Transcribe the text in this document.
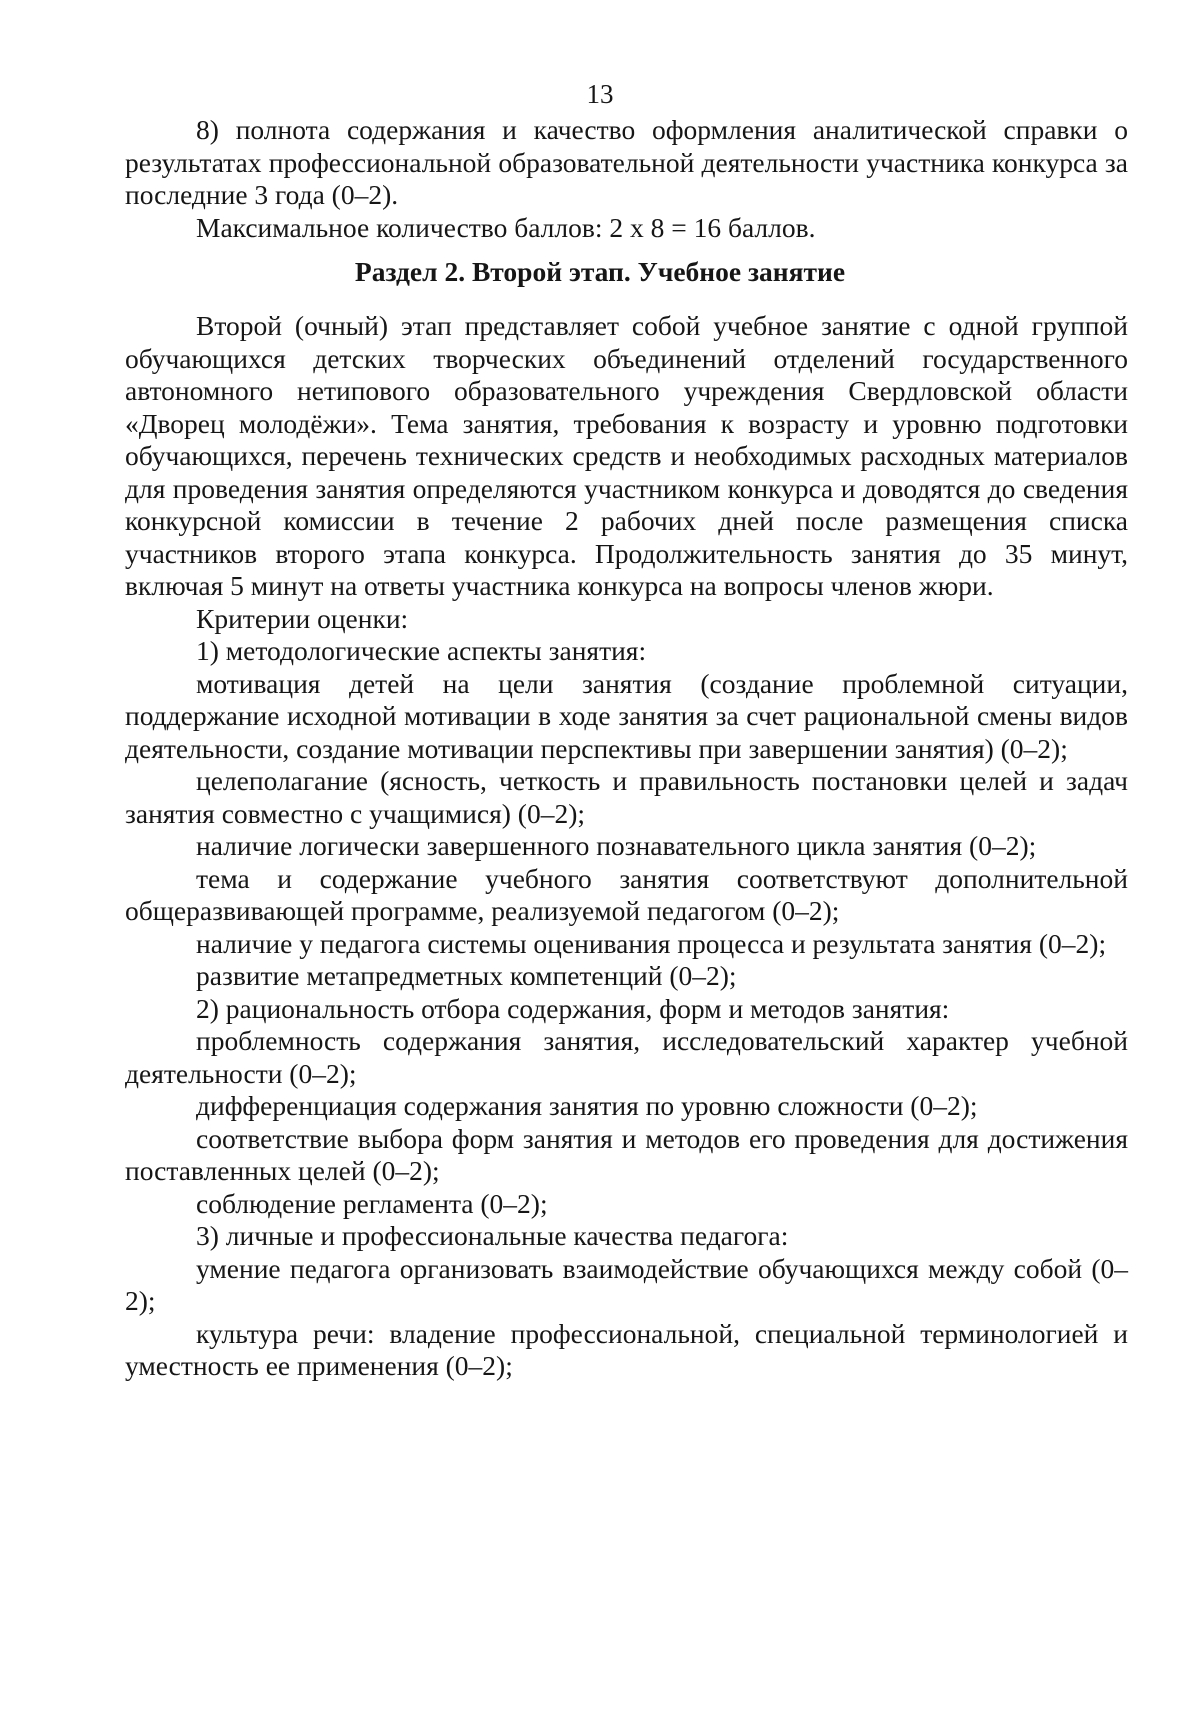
13

8) полнота содержания и качество оформления аналитической справки о результатах профессиональной образовательной деятельности участника конкурса за последние 3 года (0–2).

Максимальное количество баллов: 2 х 8 = 16 баллов.

Раздел 2. Второй этап. Учебное занятие

Второй (очный) этап представляет собой учебное занятие с одной группой обучающихся детских творческих объединений отделений государственного автономного нетипового образовательного учреждения Свердловской области «Дворец молодёжи». Тема занятия, требования к возрасту и уровню подготовки обучающихся, перечень технических средств и необходимых расходных материалов для проведения занятия определяются участником конкурса и доводятся до сведения конкурсной комиссии в течение 2 рабочих дней после размещения списка участников второго этапа конкурса. Продолжительность занятия до 35 минут, включая 5 минут на ответы участника конкурса на вопросы членов жюри.

Критерии оценки:

1) методологические аспекты занятия:

мотивация детей на цели занятия (создание проблемной ситуации, поддержание исходной мотивации в ходе занятия за счет рациональной смены видов деятельности, создание мотивации перспективы при завершении занятия) (0–2);

целеполагание (ясность, четкость и правильность постановки целей и задач занятия совместно с учащимися) (0–2);

наличие логически завершенного познавательного цикла занятия (0–2);

тема и содержание учебного занятия соответствуют дополнительной общеразвивающей программе, реализуемой педагогом (0–2);

наличие у педагога системы оценивания процесса и результата занятия (0–2);

развитие метапредметных компетенций (0–2);

2) рациональность отбора содержания, форм и методов занятия:

проблемность содержания занятия, исследовательский характер учебной деятельности (0–2);

дифференциация содержания занятия по уровню сложности (0–2);

соответствие выбора форм занятия и методов его проведения для достижения поставленных целей (0–2);

соблюдение регламента (0–2);

3) личные и профессиональные качества педагога:

умение педагога организовать взаимодействие обучающихся между собой (0–2);

культура речи: владение профессиональной, специальной терминологией и уместность ее применения (0–2);
